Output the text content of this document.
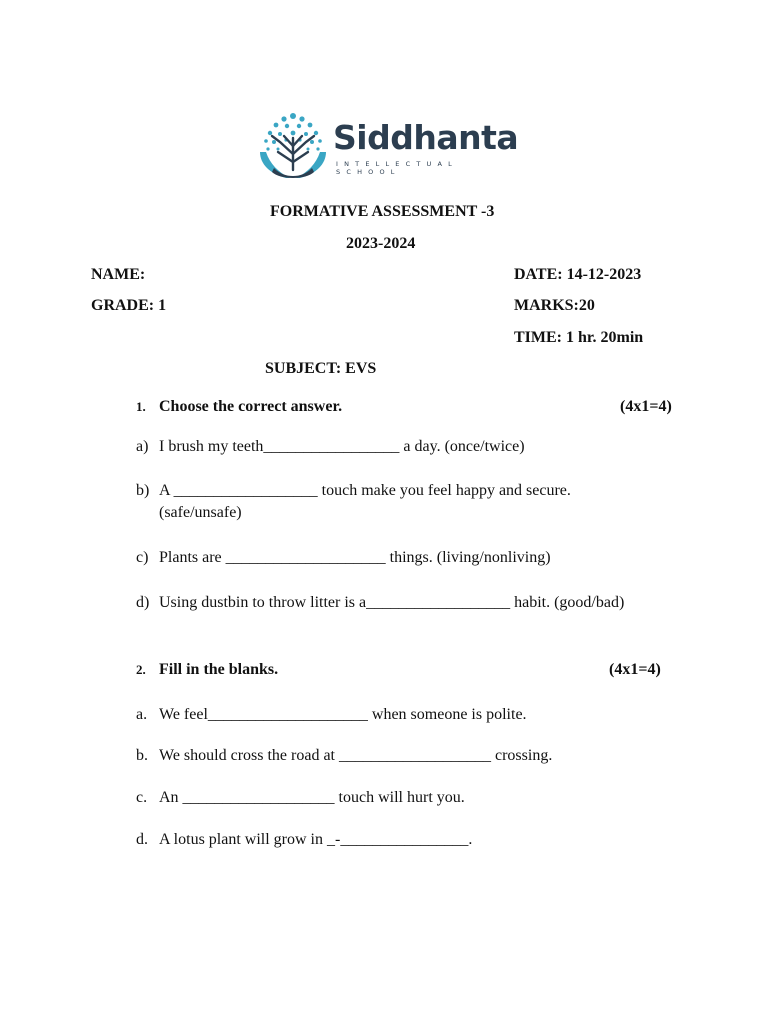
Siddhanta
INTELLECTUAL SCHOOL
FORMATIVE ASSESSMENT -3
2023-2024
NAME:	DATE: 14-12-2023
GRADE: 1	MARKS:20
TIME: 1 hr. 20min
SUBJECT: EVS
1. Choose the correct answer.	(4x1=4)
a) I brush my teeth_________________ a day. (once/twice)
b) A __________________ touch make you feel happy and secure.
(safe/unsafe)
c) Plants are ____________________ things. (living/nonliving)
d) Using dustbin to throw litter is a__________________ habit. (good/bad)
2. Fill in the blanks.	(4x1=4)
a. We feel____________________ when someone is polite.
b. We should cross the road at ___________________ crossing.
c. An ___________________ touch will hurt you.
d. A lotus plant will grow in _-________________.
